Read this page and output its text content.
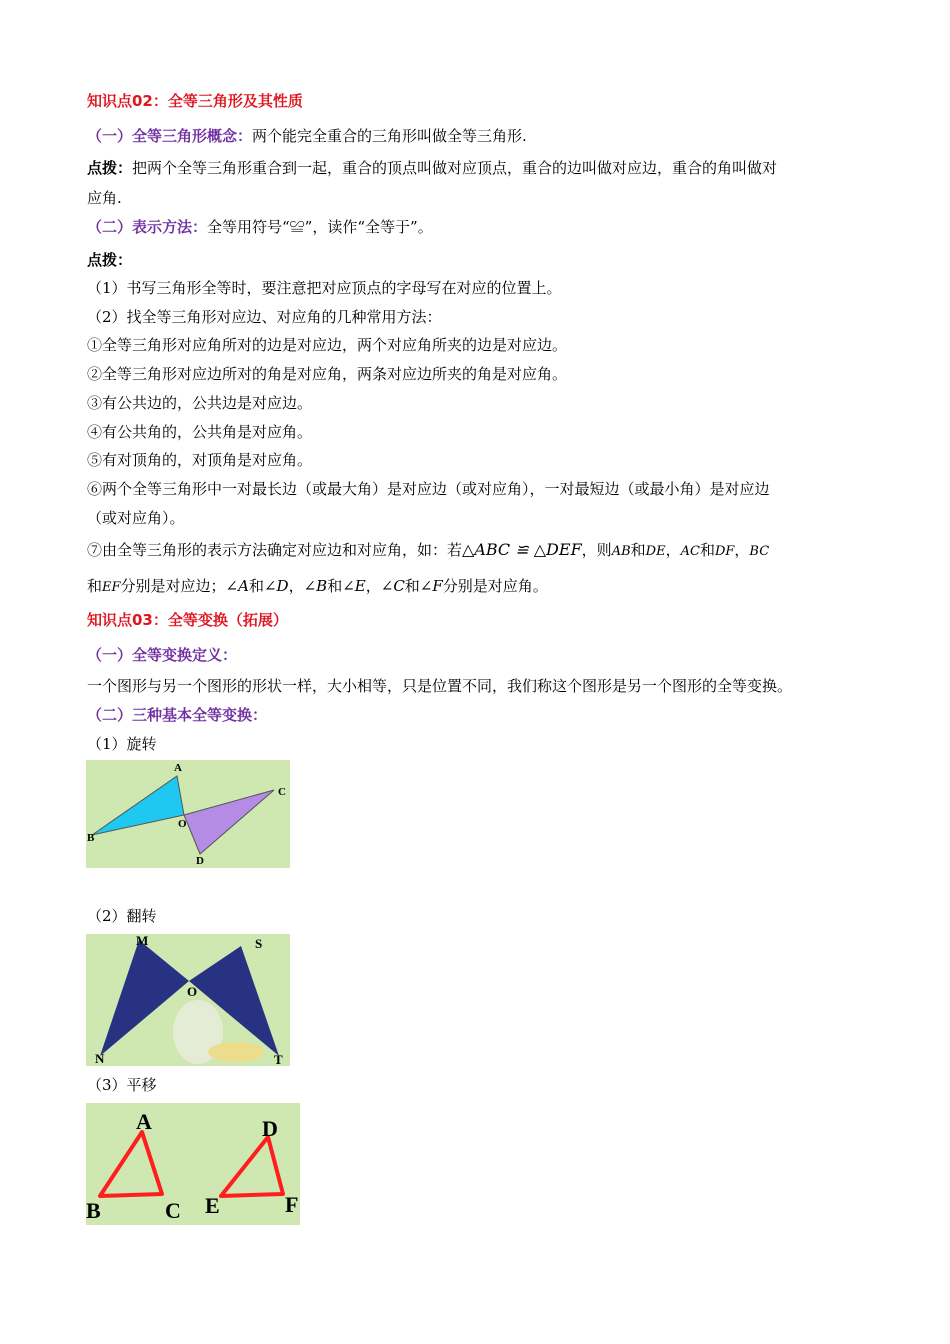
知识点02：全等三角形及其性质
（一）全等三角形概念：两个能完全重合的三角形叫做全等三角形.
点拨：把两个全等三角形重合到一起，重合的顶点叫做对应顶点，重合的边叫做对应边，重合的角叫做对
应角.
（二）表示方法：全等用符号“≌”，读作“全等于”。
点拨：
（1）书写三角形全等时，要注意把对应顶点的字母写在对应的位置上。
（2）找全等三角形对应边、对应角的几种常用方法：
①全等三角形对应角所对的边是对应边，两个对应角所夹的边是对应边。
②全等三角形对应边所对的角是对应角，两条对应边所夹的角是对应角。
③有公共边的，公共边是对应边。
④有公共角的，公共角是对应角。
⑤有对顶角的，对顶角是对应角。
⑥两个全等三角形中一对最长边（或最大角）是对应边（或对应角），一对最短边（或最小角）是对应边
（或对应角）。
⑦由全等三角形的表示方法确定对应边和对应角，如：若△ABC ≌ △DEF，则AB和DE，AC和DF，BC
和EF分别是对应边；∠A和∠D，∠B和∠E，∠C和∠F分别是对应角。
知识点03：全等变换（拓展）
（一）全等变换定义：
一个图形与另一个图形的形状一样，大小相等，只是位置不同，我们称这个图形是另一个图形的全等变换。
（二）三种基本全等变换：
（1）旋转
A
B
C
D
O
（2）翻转
M	S
O
N	T
（3）平移
A
B	C
D
E	F
